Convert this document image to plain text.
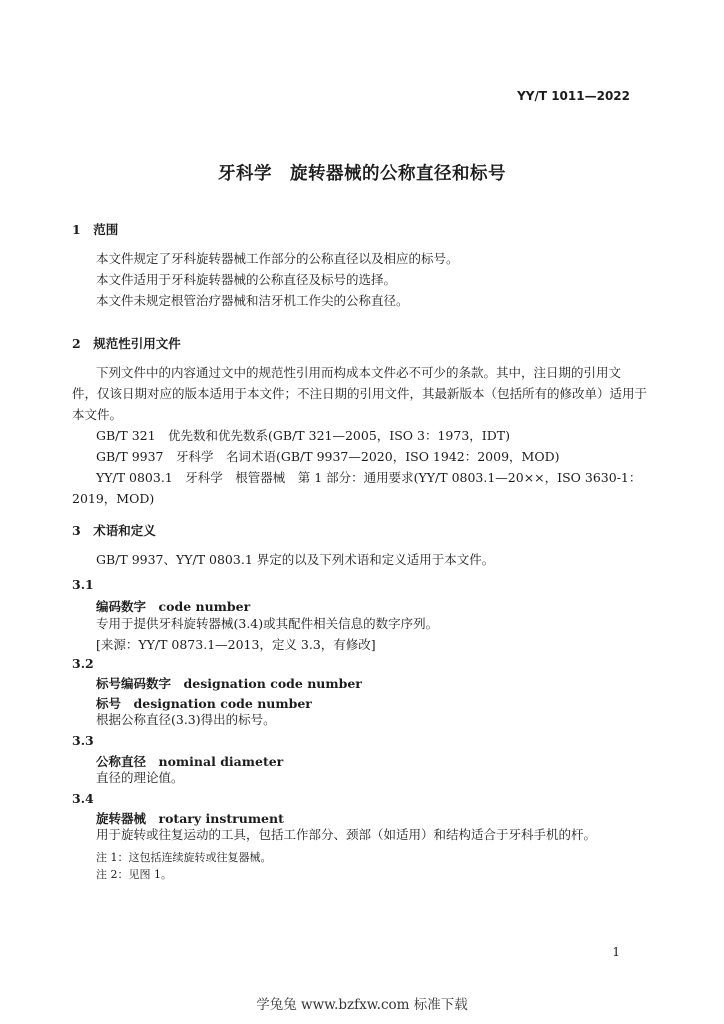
YY/T 1011—2022
牙科学　旋转器械的公称直径和标号
1　范围
本文件规定了牙科旋转器械工作部分的公称直径以及相应的标号。
本文件适用于牙科旋转器械的公称直径及标号的选择。
本文件未规定根管治疗器械和洁牙机工作尖的公称直径。
2　规范性引用文件
下列文件中的内容通过文中的规范性引用而构成本文件必不可少的条款。其中，注日期的引用文
件，仅该日期对应的版本适用于本文件；不注日期的引用文件，其最新版本（包括所有的修改单）适用于
本文件。
GB/T 321　优先数和优先数系(GB/T 321—2005，ISO 3：1973，IDT)
GB/T 9937　牙科学　名词术语(GB/T 9937—2020，ISO 1942：2009，MOD)
YY/T 0803.1　牙科学　根管器械　第 1 部分：通用要求(YY/T 0803.1—20××，ISO 3630-1：
2019，MOD)
3　术语和定义
GB/T 9937、YY/T 0803.1 界定的以及下列术语和定义适用于本文件。
3.1
编码数字　code number
专用于提供牙科旋转器械(3.4)或其配件相关信息的数字序列。
[来源：YY/T 0873.1—2013，定义 3.3，有修改]
3.2
标号编码数字　designation code number
标号　designation code number
根据公称直径(3.3)得出的标号。
3.3
公称直径　nominal diameter
直径的理论值。
3.4
旋转器械　rotary instrument
用于旋转或往复运动的工具，包括工作部分、颈部（如适用）和结构适合于牙科手机的杆。
注 1：这包括连续旋转或往复器械。
注 2：见图 1。
1
学兔兔 www.bzfxw.com 标准下载
